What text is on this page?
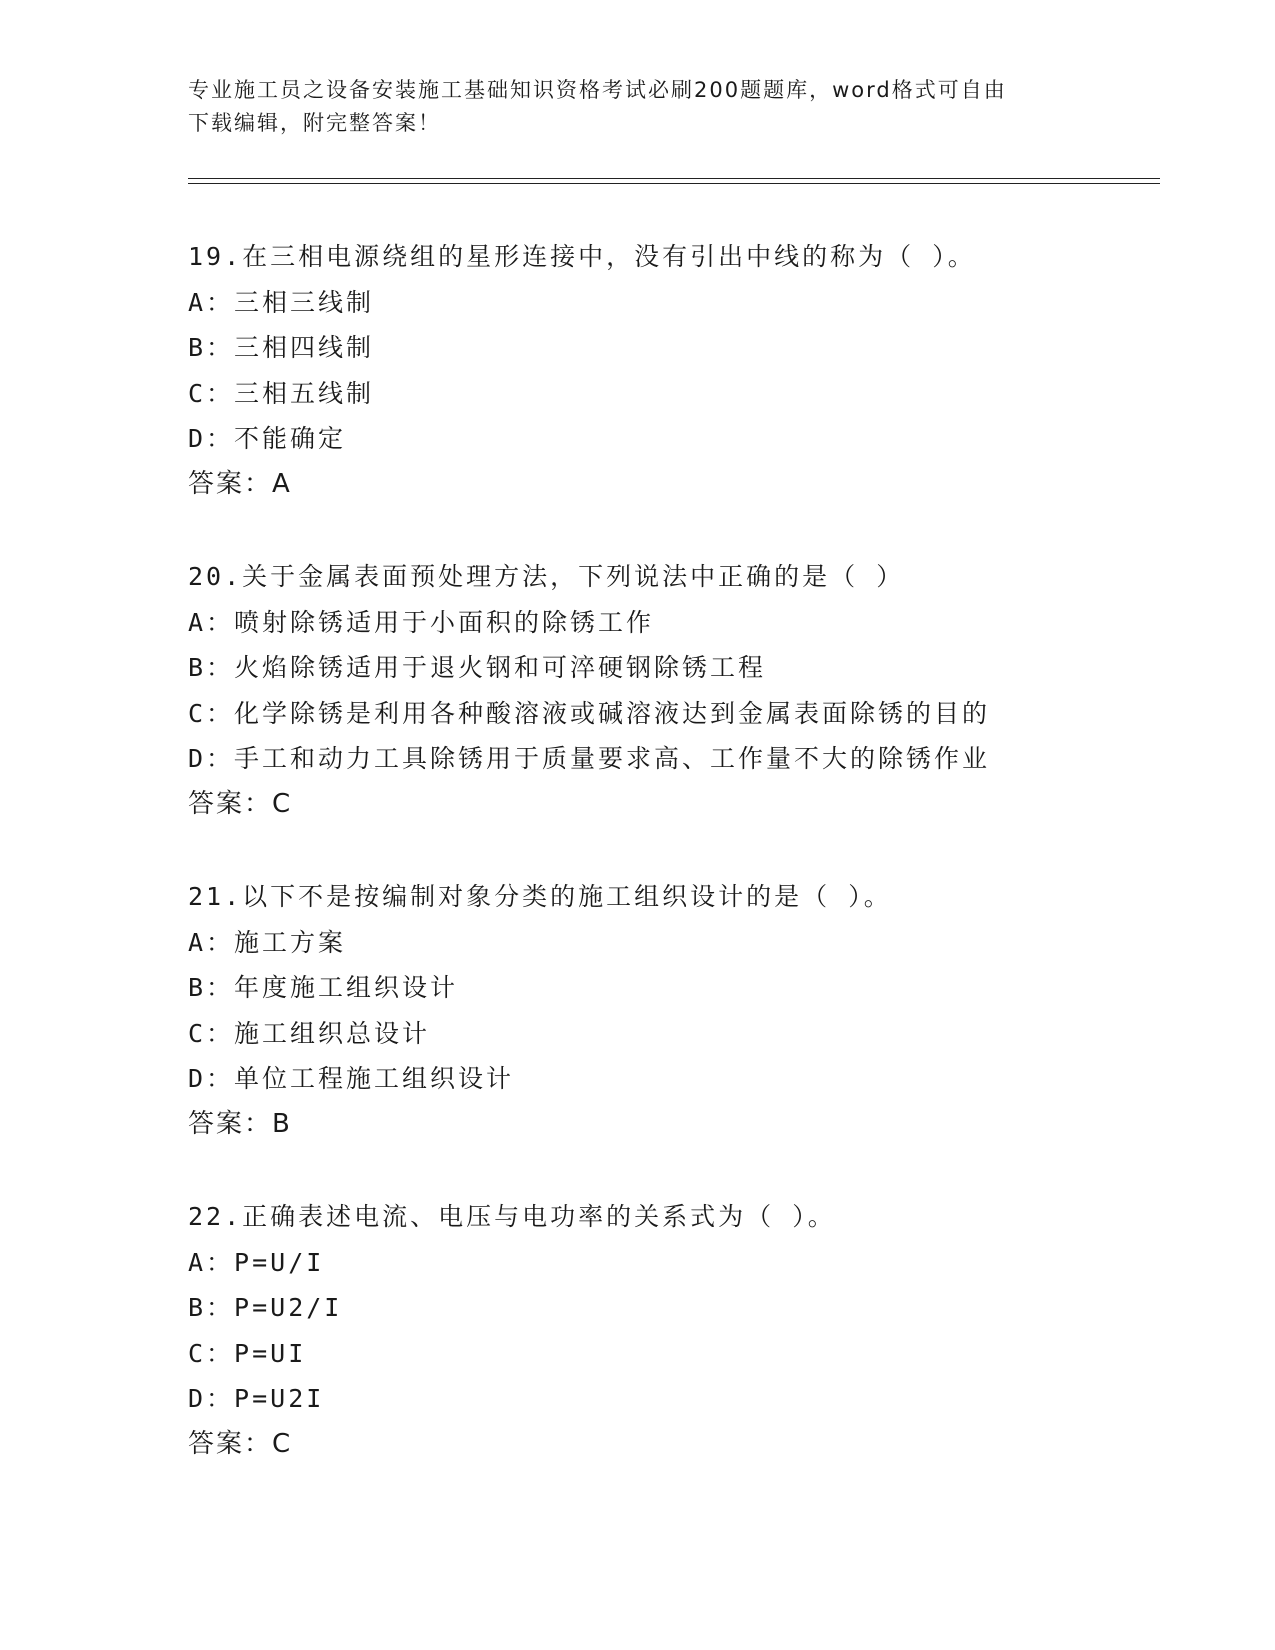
专业施工员之设备安装施工基础知识资格考试必刷200题题库，word格式可自由
下载编辑，附完整答案！
19.在三相电源绕组的星形连接中，没有引出中线的称为（ ）。
A：三相三线制
B：三相四线制
C：三相五线制
D：不能确定
答案：A
20.关于金属表面预处理方法，下列说法中正确的是（ ）
A：喷射除锈适用于小面积的除锈工作
B：火焰除锈适用于退火钢和可淬硬钢除锈工程
C：化学除锈是利用各种酸溶液或碱溶液达到金属表面除锈的目的
D：手工和动力工具除锈用于质量要求高、工作量不大的除锈作业
答案：C
21.以下不是按编制对象分类的施工组织设计的是（ ）。
A：施工方案
B：年度施工组织设计
C：施工组织总设计
D：单位工程施工组织设计
答案：B
22.正确表述电流、电压与电功率的关系式为（ ）。
A：P=U/I
B：P=U2/I
C：P=UI
D：P=U2I
答案：C
